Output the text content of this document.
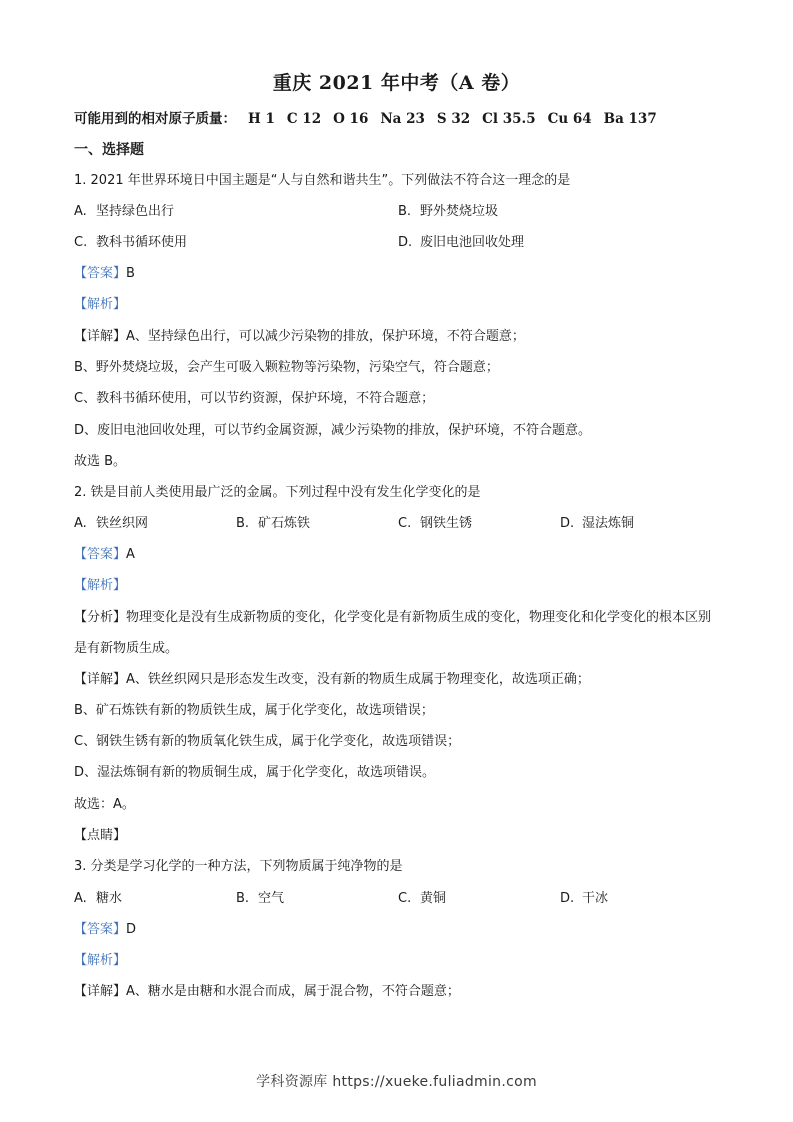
重庆 2021 年中考（A 卷）
可能用到的相对原子质量： H 1 C 12 O 16 Na 23 S 32 Cl 35.5 Cu 64 Ba 137
一、选择题
1. 2021 年世界环境日中国主题是“人与自然和谐共生”。下列做法不符合这一理念的是
A. 坚持绿色出行	B. 野外焚烧垃圾
C. 教科书循环使用	D. 废旧电池回收处理
【答案】B
【解析】
【详解】A、坚持绿色出行，可以减少污染物的排放，保护环境，不符合题意；
B、野外焚烧垃圾，会产生可吸入颗粒物等污染物，污染空气，符合题意；
C、教科书循环使用，可以节约资源，保护环境，不符合题意；
D、废旧电池回收处理，可以节约金属资源，减少污染物的排放，保护环境，不符合题意。
故选 B。
2. 铁是目前人类使用最广泛的金属。下列过程中没有发生化学变化的是
A. 铁丝织网	B. 矿石炼铁	C. 钢铁生锈	D. 湿法炼铜
【答案】A
【解析】
【分析】物理变化是没有生成新物质的变化，化学变化是有新物质生成的变化，物理变化和化学变化的根本区别是有新物质生成。
【详解】A、铁丝织网只是形态发生改变，没有新的物质生成属于物理变化，故选项正确；
B、矿石炼铁有新的物质铁生成，属于化学变化，故选项错误；
C、钢铁生锈有新的物质氧化铁生成，属于化学变化，故选项错误；
D、湿法炼铜有新的物质铜生成，属于化学变化，故选项错误。
故选：A。
【点睛】
3. 分类是学习化学的一种方法，下列物质属于纯净物的是
A. 糖水	B. 空气	C. 黄铜	D. 干冰
【答案】D
【解析】
【详解】A、糖水是由糖和水混合而成，属于混合物，不符合题意；
学科资源库 https://xueke.fuliadmin.com
